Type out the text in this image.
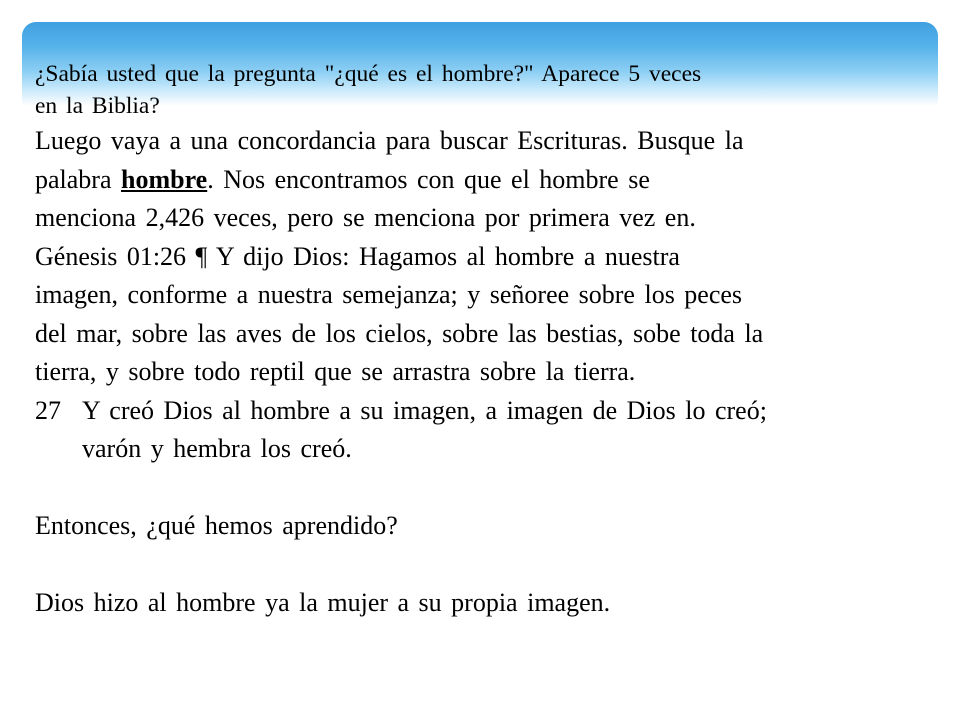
¿Sabía usted que la pregunta "¿qué es el hombre?" Aparece 5 veces
en la Biblia?

Luego vaya a una concordancia para buscar Escrituras. Busque la
palabra hombre. Nos encontramos con que el hombre se
menciona 2,426 veces, pero se menciona por primera vez en.

Génesis 01:26 ¶ Y dijo Dios: Hagamos al hombre a nuestra
imagen, conforme a nuestra semejanza; y señoree sobre los peces
del mar, sobre las aves de los cielos, sobre las bestias, sobe toda la
tierra, y sobre todo reptil que se arrastra sobre la tierra.

27 Y creó Dios al hombre a su imagen, a imagen de Dios lo creó;
varón y hembra los creó.

Entonces, ¿qué hemos aprendido?

Dios hizo al hombre ya la mujer a su propia imagen.
